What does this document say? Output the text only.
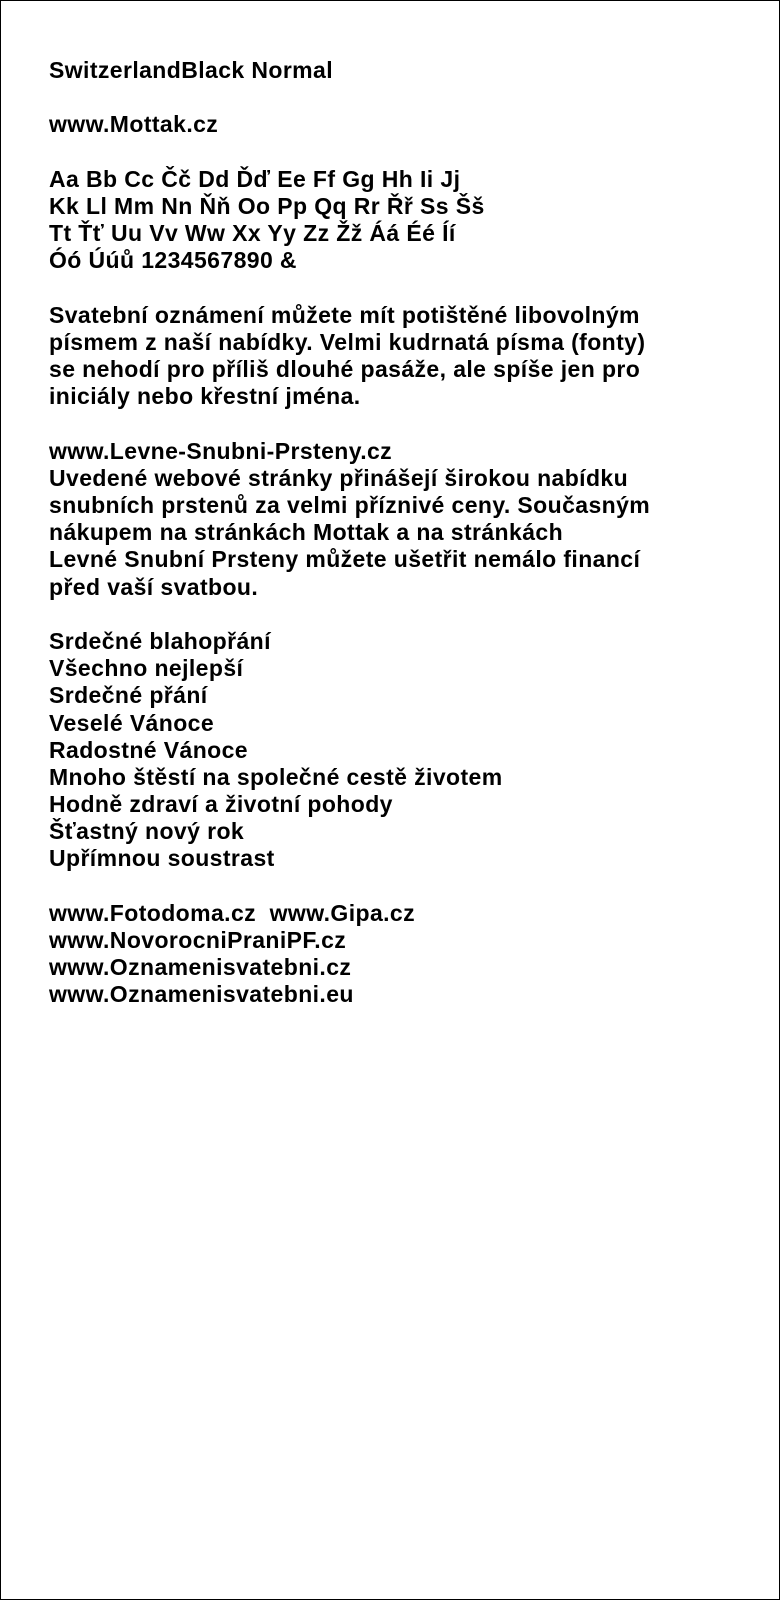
SwitzerlandBlack Normal
www.Mottak.cz
Aa Bb Cc Čč Dd Ďď Ee Ff Gg Hh Ii Jj
Kk Ll Mm Nn Ňň Oo Pp Qq Rr Řř Ss Šš
Tt Ťť Uu Vv Ww Xx Yy Zz Žž Áá Éé Íí
Óó Úúů 1234567890 &
Svatební oznámení můžete mít potištěné libovolným
písmem z naší nabídky. Velmi kudrnatá písma (fonty)
se nehodí pro příliš dlouhé pasáže, ale spíše jen pro
iniciály nebo křestní jména.
www.Levne-Snubni-Prsteny.cz
Uvedené webové stránky přinášejí širokou nabídku
snubních prstenů za velmi příznivé ceny. Současným
nákupem na stránkách Mottak a na stránkách
Levné Snubní Prsteny můžete ušetřit nemálo financí
před vaší svatbou.
Srdečné blahopřání
Všechno nejlepší
Srdečné přání
Veselé Vánoce
Radostné Vánoce
Mnoho štěstí na společné cestě životem
Hodně zdraví a životní pohody
Šťastný nový rok
Upřímnou soustrast
www.Fotodoma.cz  www.Gipa.cz
www.NovorocniPraniPF.cz
www.Oznamenisvatebni.cz
www.Oznamenisvatebni.eu
